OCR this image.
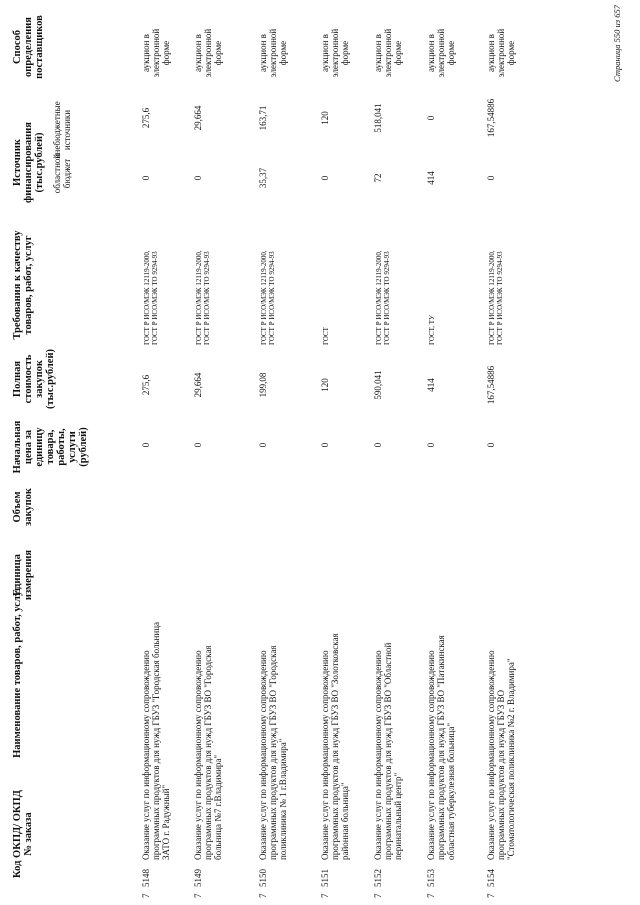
Код ОКПД/ ОКПД № заказа
Наименование товаров, работ, услуг
Единица измерения
Объем закупок
Начальная цена за единицу товара, работы, услуги (рублей)
Полная стоимость закупок (тыс.рублей)
Требования к качеству товаров, работ, услуг
Источник финансирования (тыс.рублей) областной бюджет
внебюджетные источники
Способ определения поставщиков
7
5148
Оказание услуг по информационному сопровождению программных продуктов для нужд ГБУЗ "Городская больница ЗАТО г. Радужный"
0
275,6
ГОСТ Р ИСО/МЭК 12119-2000, ГОСТ Р ИСО/МЭК ТО 9294-93
0
275,6
аукцион в электронной форме
7
5149
Оказание услуг по информационному сопровождению программных продуктов для нужд ГБУЗ ВО "Городская больница №7 г.Владимира"
0
29,664
ГОСТ Р ИСО/МЭК 12119-2000, ГОСТ Р ИСО/МЭК ТО 9294-93
0
29,664
аукцион в электронной форме
7
5150
Оказание услуг по информационному сопровождению программных продуктов для нужд ГБУЗ ВО "Городская поликлиника № 1 г.Владимира"
0
199,08
ГОСТ Р ИСО/МЭК 12119-2000, ГОСТ Р ИСО/МЭК ТО 9294-93
35,37
163,71
аукцион в электронной форме
7
5151
Оказание услуг по информационному сопровождению программных продуктов для нужд ГБУЗ ВО "Золотковская районная больница"
0
120
ГОСТ
0
120
аукцион в электронной форме
7
5152
Оказание услуг по информационному сопровождению программных продуктов для нужд ГБУЗ ВО "Областной перинатальный центр"
0
590,041
ГОСТ Р ИСО/МЭК 12119-2000, ГОСТ Р ИСО/МЭК ТО 9294-93
72
518,041
аукцион в электронной форме
7
5153
Оказание услуг по информационному сопровождению программных продуктов для нужд ГБУЗ ВО "Пaтакинская областная туберкулезная больница"
0
414
ГОСТ, ТУ
414
0
аукцион в электронной форме
7
5154
Оказание услуг по информационному сопровождению программных продуктов для нужд ГБУЗ ВО "Стоматологическая поликлиника №2 г. Владимира"
0
167,54886
ГОСТ Р ИСО/МЭК 12119-2000, ГОСТ Р ИСО/МЭК ТО 9294-93
0
167,54886
аукцион в электронной форме	Страница 550 из 657
